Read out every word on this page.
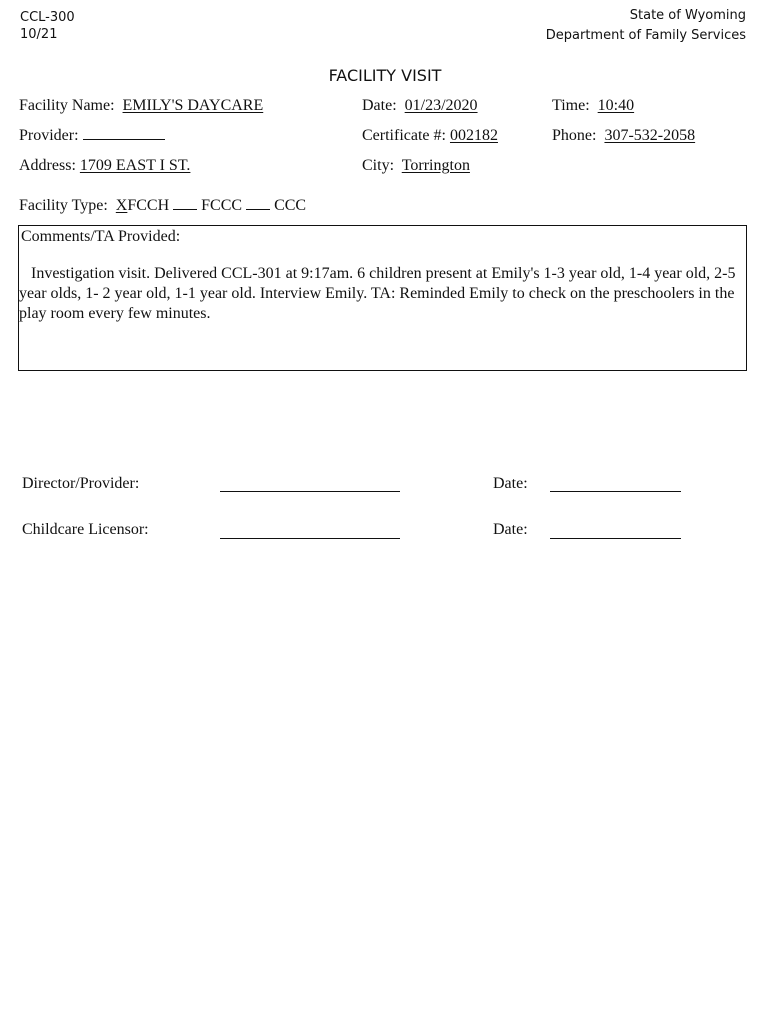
CCL-300
10/21
State of Wyoming
Department of Family Services
FACILITY VISIT
Facility Name: EMILY'S DAYCARE	Date: 01/23/2020	Time: 10:40
Provider:	Certificate #: 002182	Phone: 307-532-2058
Address: 1709 EAST I ST.	City: Torrington
Facility Type: XFCCH FCCC CCC
Comments/TA Provided:
Investigation visit. Delivered CCL-301 at 9:17am. 6 children present at Emily's 1-3 year old, 1-4 year old, 2-5 year olds, 1- 2 year old, 1-1 year old. Interview Emily. TA: Reminded Emily to check on the preschoolers in the play room every few minutes.
Director/Provider:	Date:
Childcare Licensor:	Date:
